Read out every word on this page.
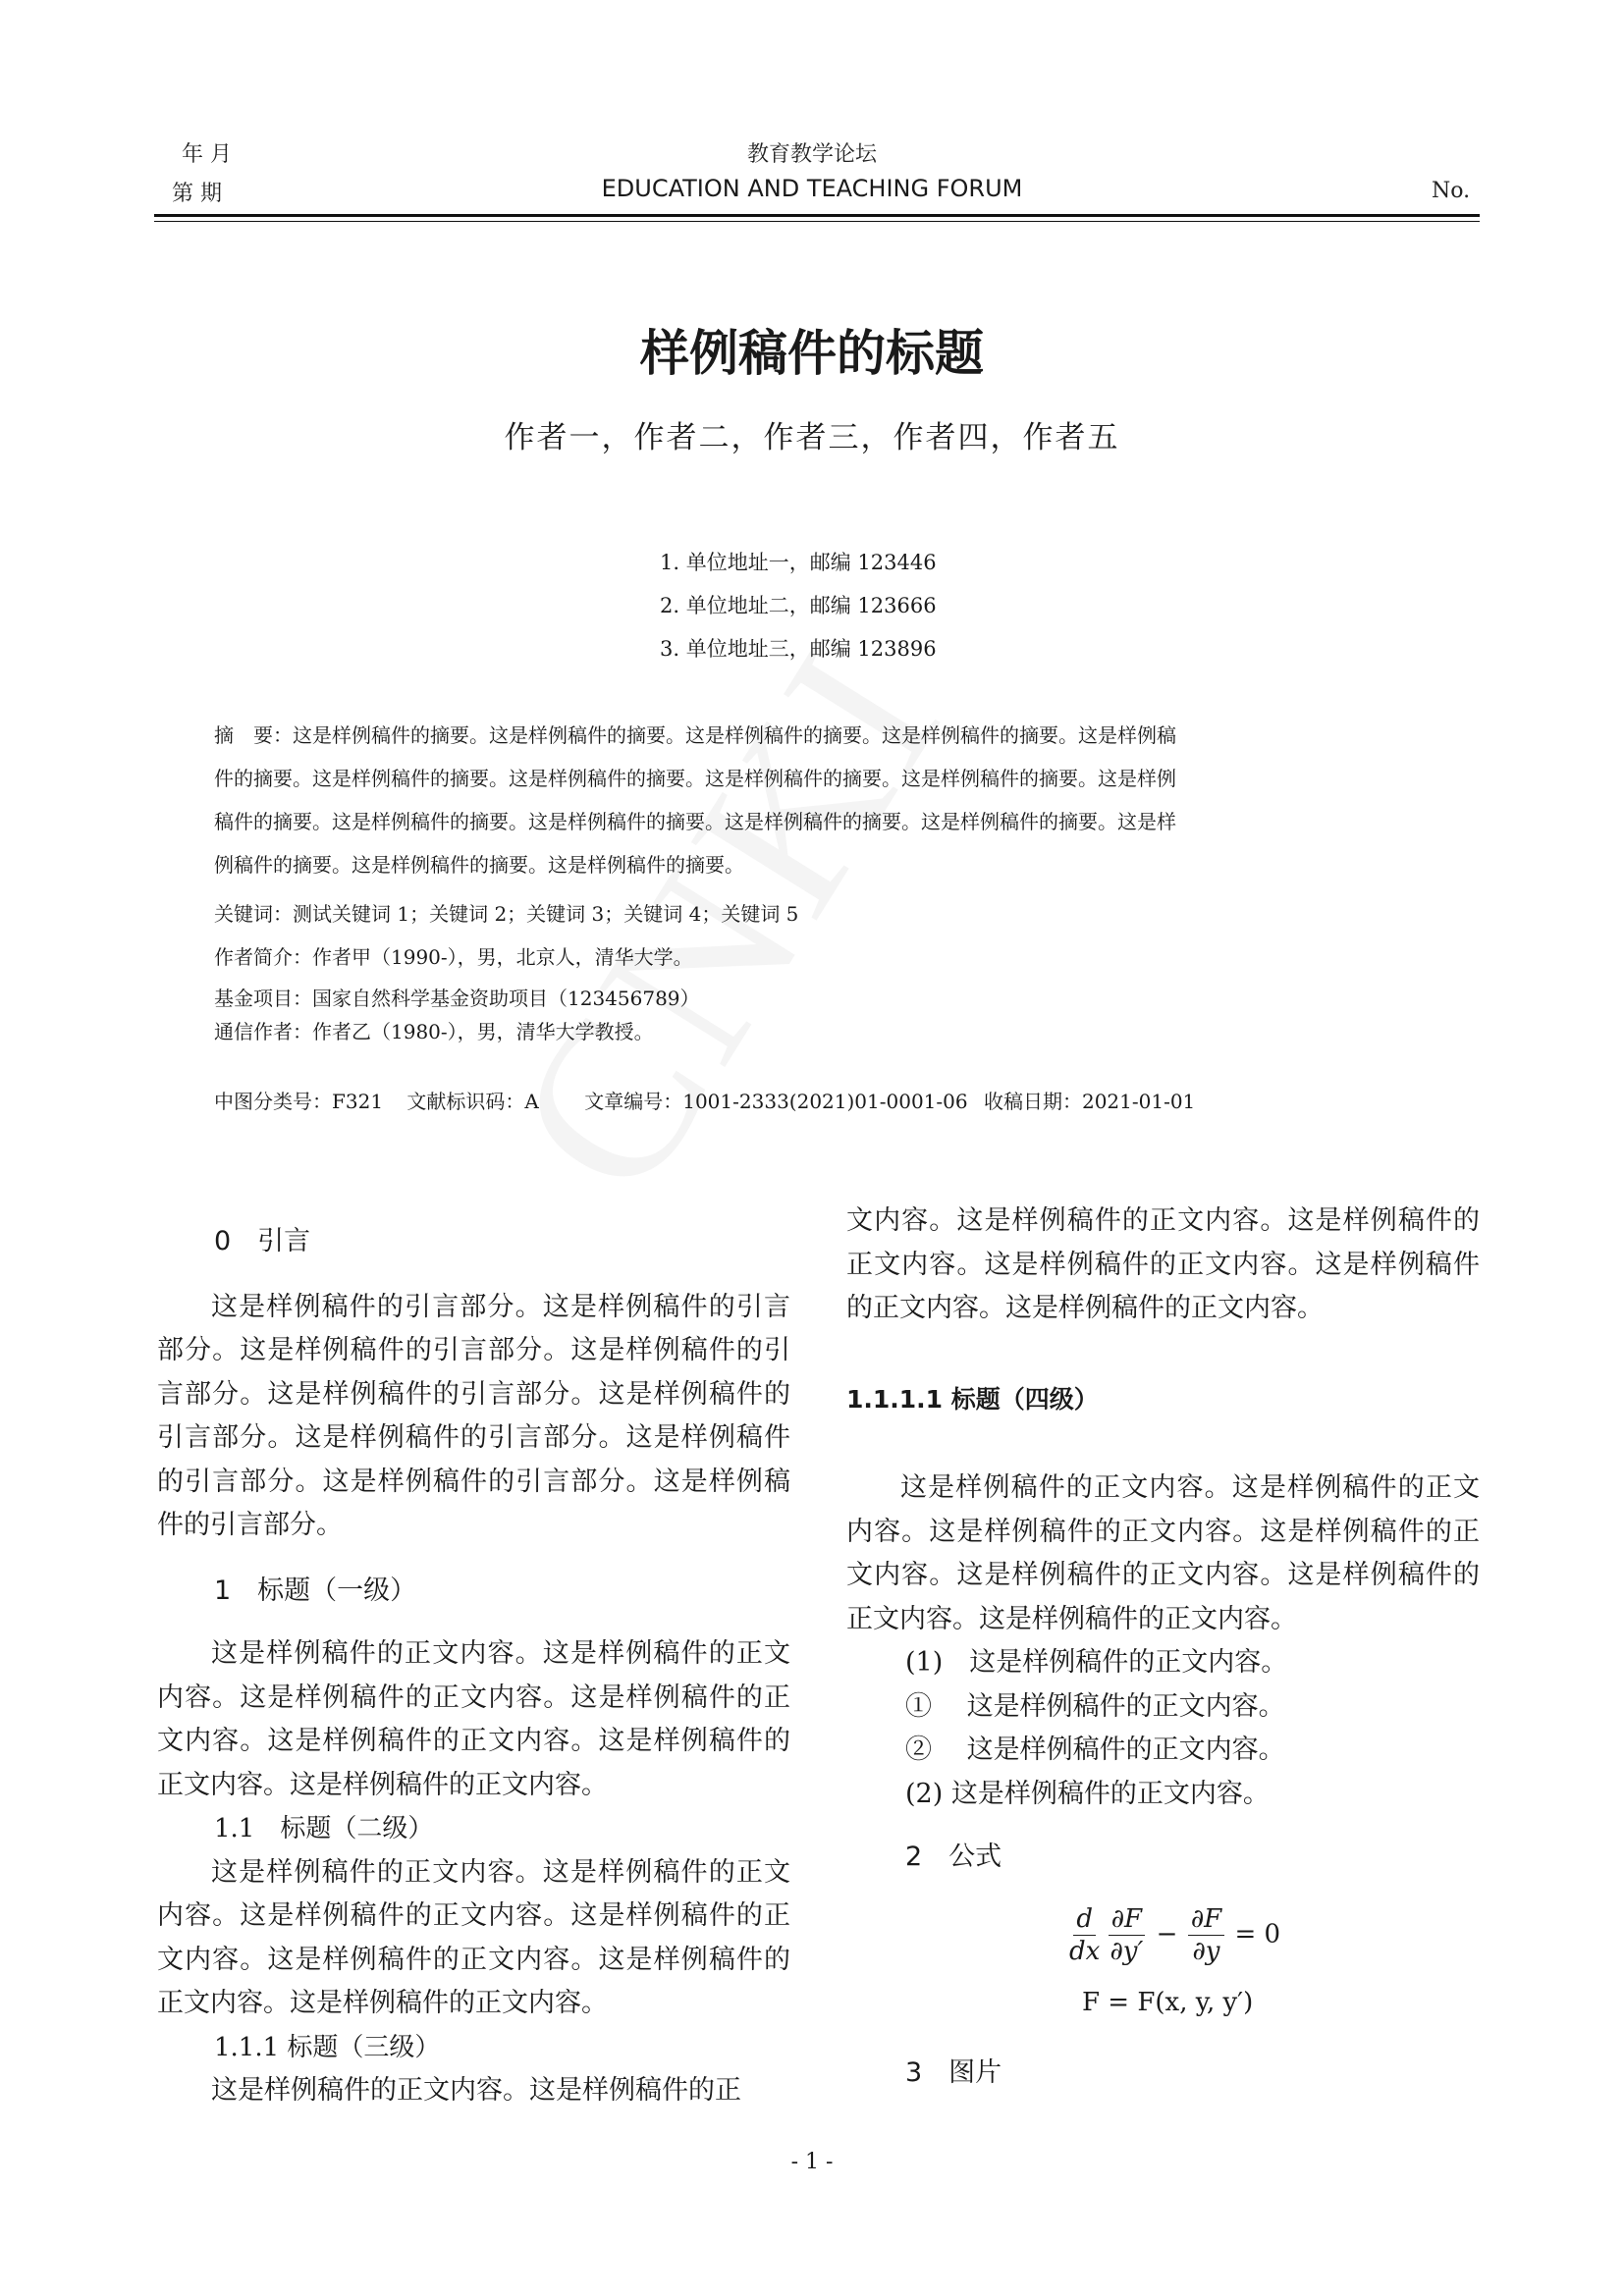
年 月
第 期
教育教学论坛
EDUCATION AND TEACHING FORUM	No.
样例稿件的标题
作者一，作者二，作者三，作者四，作者五
1. 单位地址一，邮编 123446
2. 单位地址二，邮编 123666
3. 单位地址三，邮编 123896
摘　要：这是样例稿件的摘要。这是样例稿件的摘要。这是样例稿件的摘要。这是样例稿件的摘要。这是样例稿
件的摘要。这是样例稿件的摘要。这是样例稿件的摘要。这是样例稿件的摘要。这是样例稿件的摘要。这是样例
稿件的摘要。这是样例稿件的摘要。这是样例稿件的摘要。这是样例稿件的摘要。这是样例稿件的摘要。这是样
例稿件的摘要。这是样例稿件的摘要。这是样例稿件的摘要。
关键词：测试关键词 1；关键词 2；关键词 3；关键词 4；关键词 5
作者简介：作者甲（1990-），男，北京人，清华大学。
基金项目：国家自然科学基金资助项目（123456789）
通信作者：作者乙（1980-），男，清华大学教授。
中图分类号：F321 文献标识码：A 文章编号：1001-2333(2021)01-0001-06 收稿日期：2021-01-01
0　引言

这是样例稿件的引言部分。这是样例稿件的引言部分。这是样例稿件的引言部分。这是样例稿件的引言部分。这是样例稿件的引言部分。这是样例稿件的引言部分。这是样例稿件的引言部分。这是样例稿件的引言部分。这是样例稿件的引言部分。这是样例稿件的引言部分。

1　标题（一级）

这是样例稿件的正文内容。这是样例稿件的正文内容。这是样例稿件的正文内容。这是样例稿件的正文内容。这是样例稿件的正文内容。这是样例稿件的正文内容。这是样例稿件的正文内容。

1.1　标题（二级）

这是样例稿件的正文内容。这是样例稿件的正文内容。这是样例稿件的正文内容。这是样例稿件的正文内容。这是样例稿件的正文内容。这是样例稿件的正文内容。这是样例稿件的正文内容。

1.1.1 标题（三级）

这是样例稿件的正文内容。这是样例稿件的正

文内容。这是样例稿件的正文内容。这是样例稿件的正文内容。这是样例稿件的正文内容。这是样例稿件的正文内容。这是样例稿件的正文内容。

1.1.1.1 标题（四级）

这是样例稿件的正文内容。这是样例稿件的正文内容。这是样例稿件的正文内容。这是样例稿件的正文内容。这是样例稿件的正文内容。这是样例稿件的正文内容。这是样例稿件的正文内容。

(1)　这是样例稿件的正文内容。
①　 这是样例稿件的正文内容。
②　 这是样例稿件的正文内容。
(2) 这是样例稿件的正文内容。
2　公式
$\frac{d}{dx} \frac{\partial F}{\partial y'} - \frac{\partial F}{\partial y} = 0$
F = F(x, y, y′)
3　图片
- 1 -
